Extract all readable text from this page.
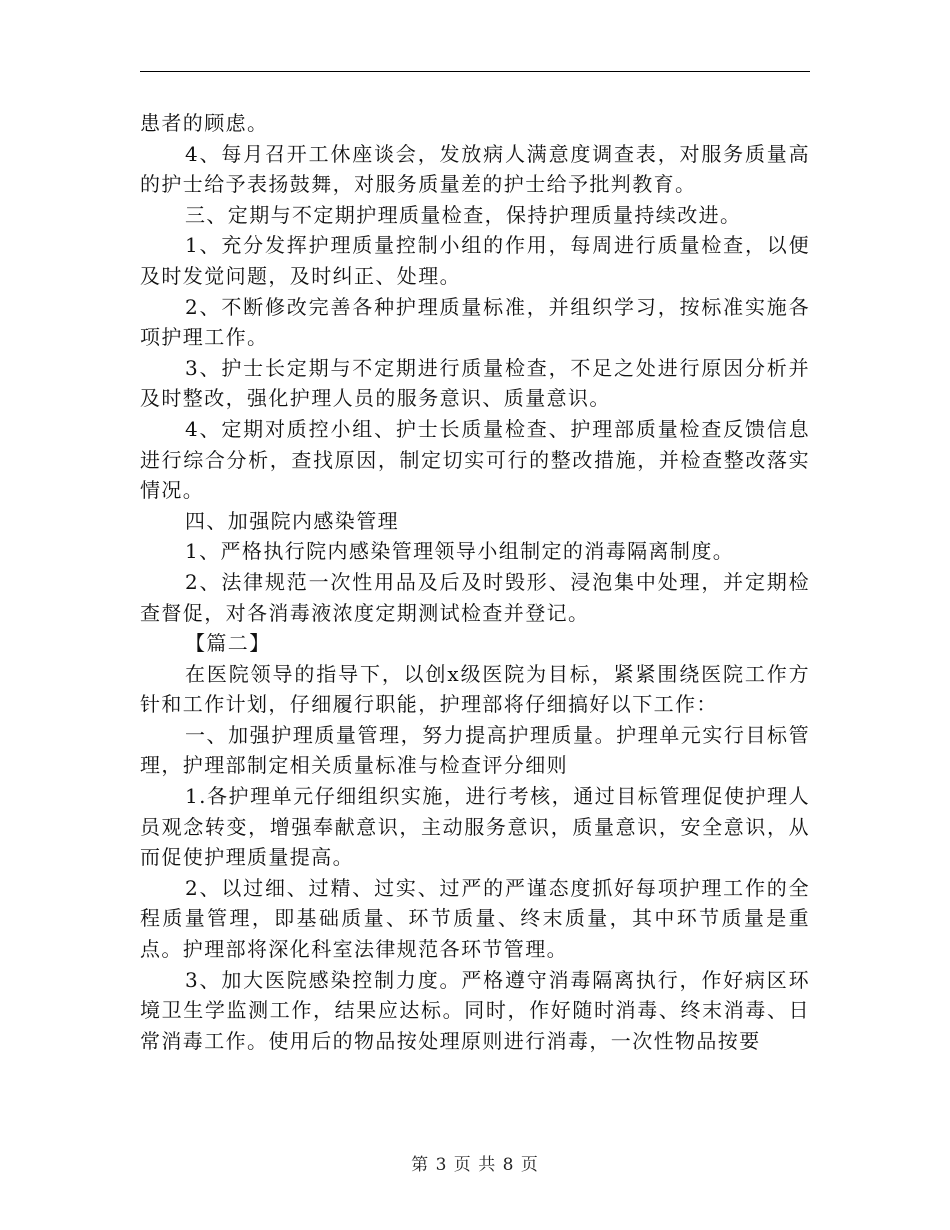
患者的顾虑。

4、每月召开工休座谈会，发放病人满意度调查表，对服务质量高的护士给予表扬鼓舞，对服务质量差的护士给予批判教育。

三、定期与不定期护理质量检查，保持护理质量持续改进。

1、充分发挥护理质量控制小组的作用，每周进行质量检查，以便及时发觉问题，及时纠正、处理。

2、不断修改完善各种护理质量标准，并组织学习，按标准实施各项护理工作。

3、护士长定期与不定期进行质量检查，不足之处进行原因分析并及时整改，强化护理人员的服务意识、质量意识。

4、定期对质控小组、护士长质量检查、护理部质量检查反馈信息进行综合分析，查找原因，制定切实可行的整改措施，并检查整改落实情况。

四、加强院内感染管理

1、严格执行院内感染管理领导小组制定的消毒隔离制度。

2、法律规范一次性用品及后及时毁形、浸泡集中处理，并定期检查督促，对各消毒液浓度定期测试检查并登记。

【篇二】

在医院领导的指导下，以创x级医院为目标，紧紧围绕医院工作方针和工作计划，仔细履行职能，护理部将仔细搞好以下工作：

一、加强护理质量管理，努力提高护理质量。护理单元实行目标管理，护理部制定相关质量标准与检查评分细则

1.各护理单元仔细组织实施，进行考核，通过目标管理促使护理人员观念转变，增强奉献意识，主动服务意识，质量意识，安全意识，从而促使护理质量提高。

2、以过细、过精、过实、过严的严谨态度抓好每项护理工作的全程质量管理，即基础质量、环节质量、终末质量，其中环节质量是重点。护理部将深化科室法律规范各环节管理。

3、加大医院感染控制力度。严格遵守消毒隔离执行，作好病区环境卫生学监测工作，结果应达标。同时，作好随时消毒、终末消毒、日常消毒工作。使用后的物品按处理原则进行消毒，一次性物品按要

第 3 页 共 8 页
